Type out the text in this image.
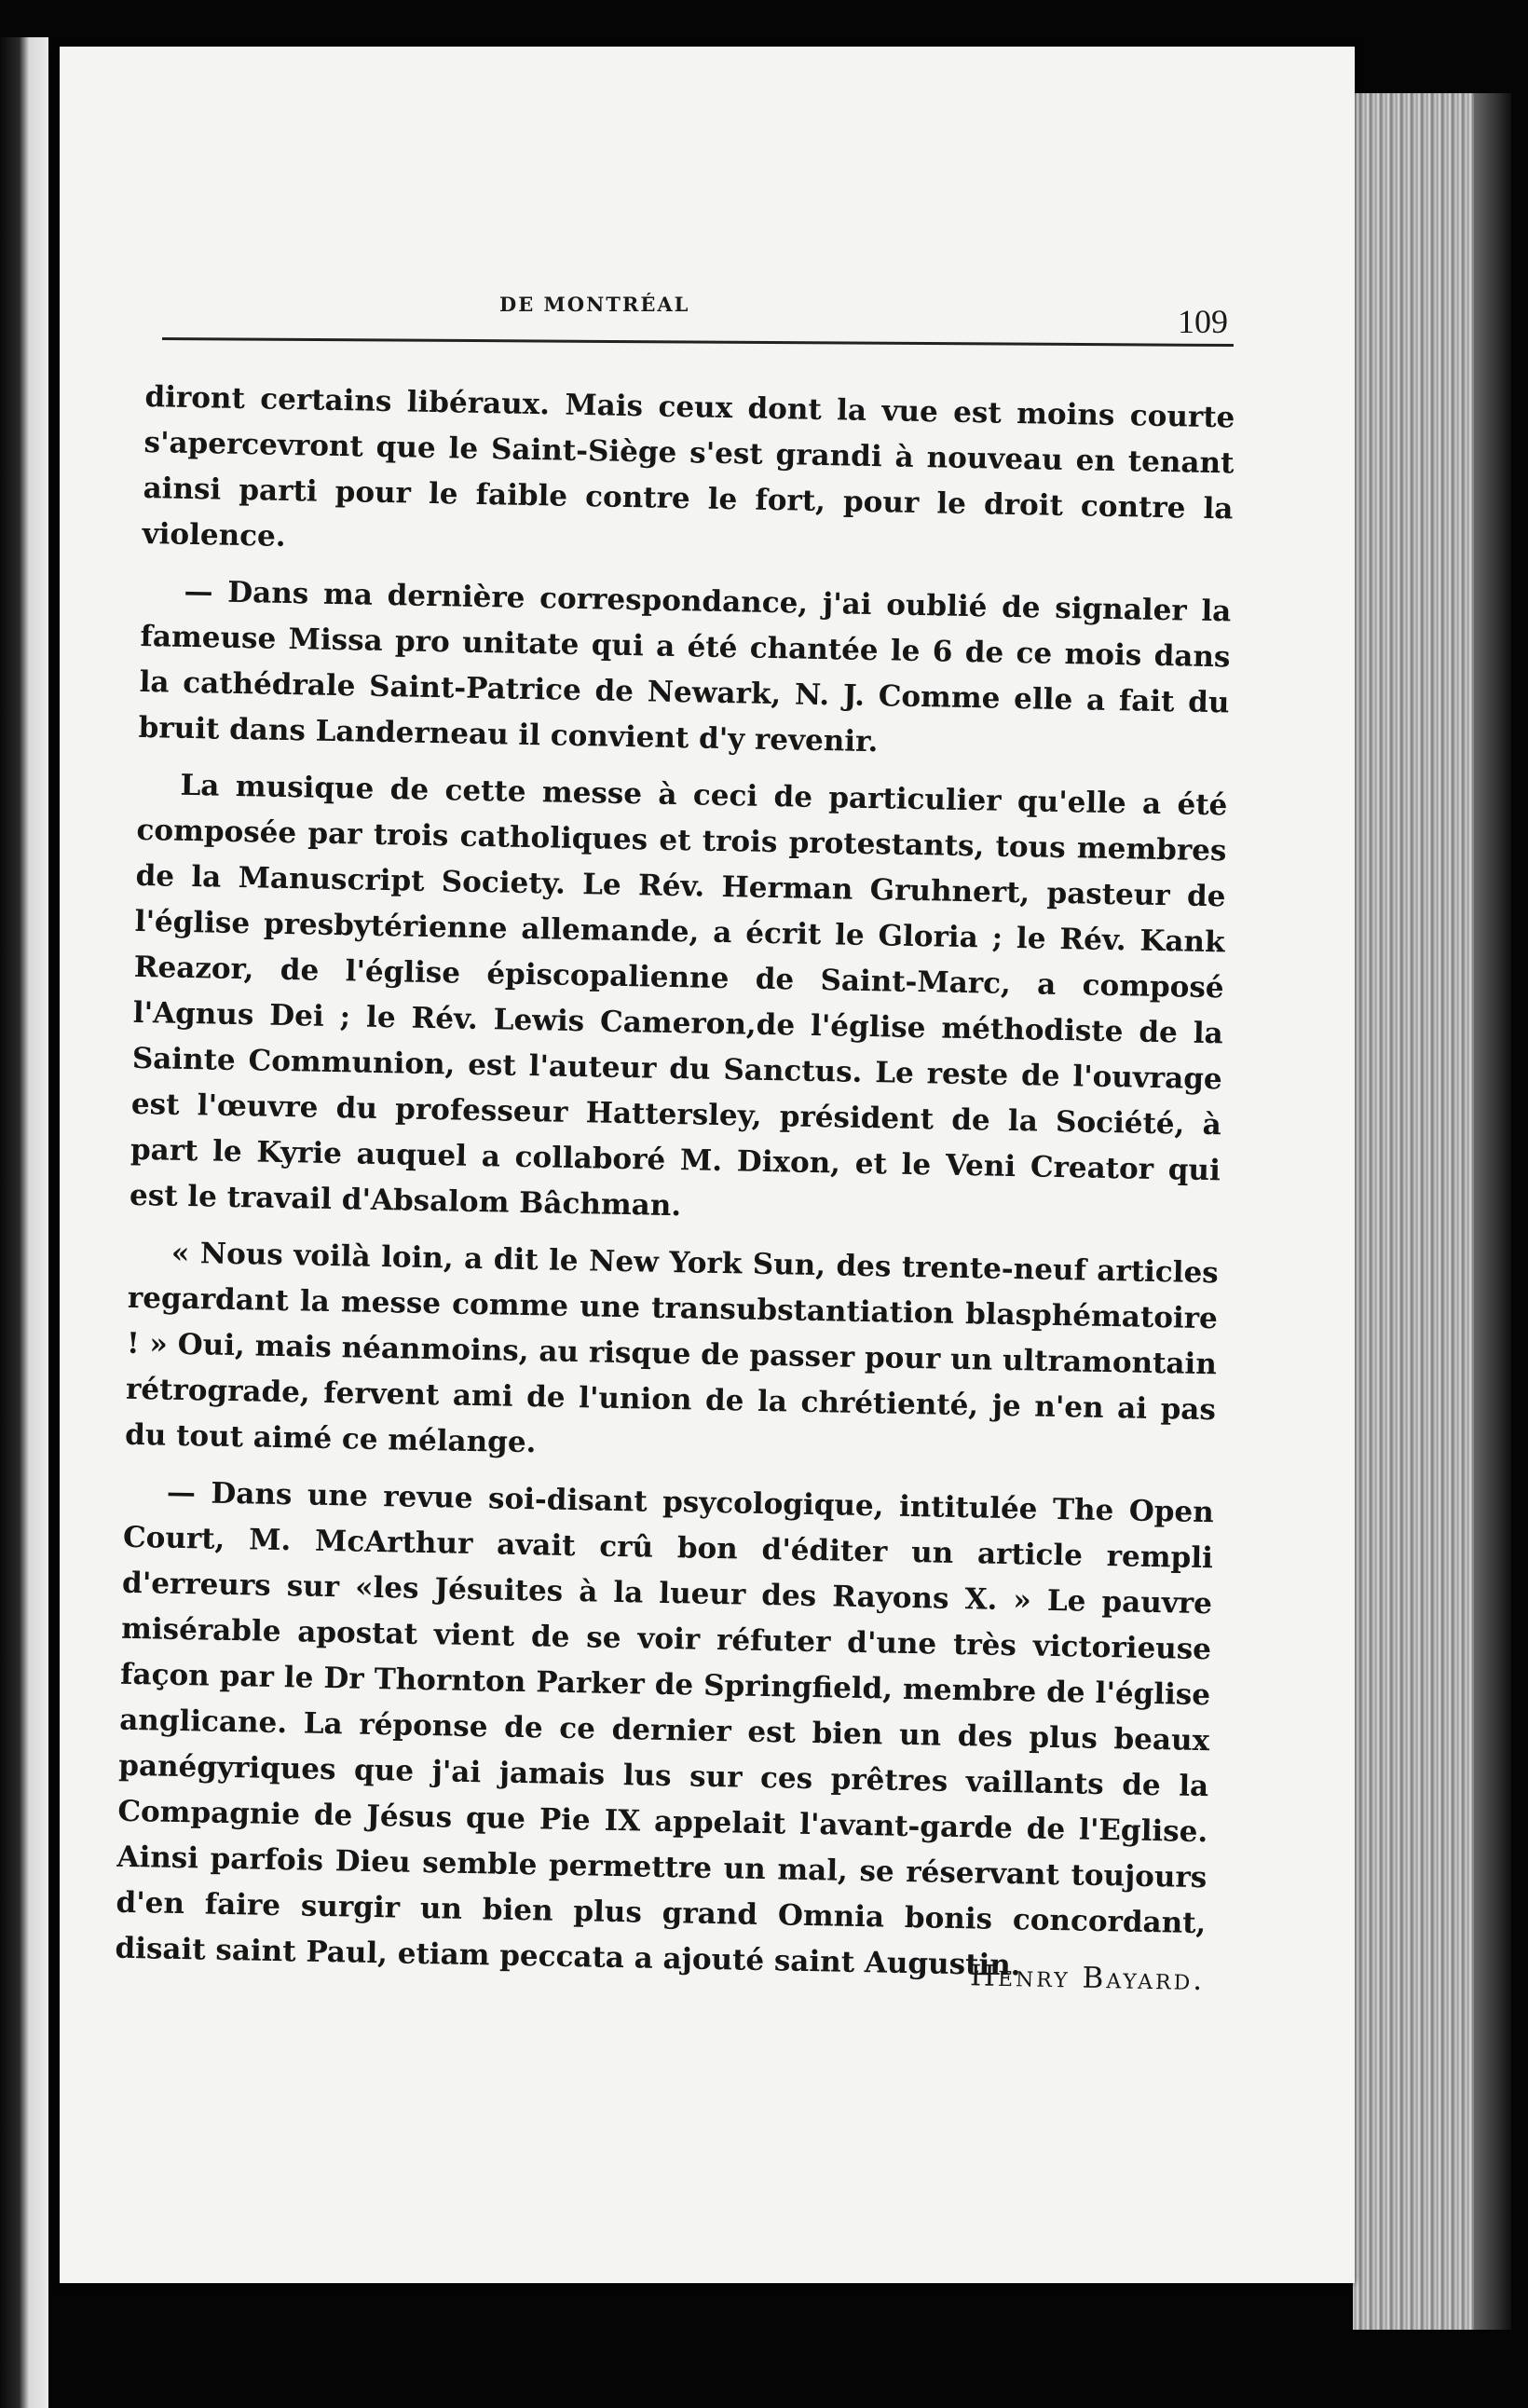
DE MONTRÉAL	109

diront certains libéraux. Mais ceux dont la vue est moins courte s'apercevront que le Saint-Siège s'est grandi à nouveau en tenant ainsi parti pour le faible contre le fort, pour le droit contre la violence.

— Dans ma dernière correspondance, j'ai oublié de signaler la fameuse Missa pro unitate qui a été chantée le 6 de ce mois dans la cathédrale Saint-Patrice de Newark, N. J. Comme elle a fait du bruit dans Landerneau il convient d'y revenir.

La musique de cette messe à ceci de particulier qu'elle a été composée par trois catholiques et trois protestants, tous membres de la Manuscript Society. Le Rév. Herman Gruhnert, pasteur de l'église presbytérienne allemande, a écrit le Gloria ; le Rév. Kank Reazor, de l'église épiscopalienne de Saint-Marc, a composé l'Agnus Dei ; le Rév. Lewis Cameron,de l'église méthodiste de la Sainte Communion, est l'auteur du Sanctus. Le reste de l'ouvrage est l'œuvre du professeur Hattersley, président de la Société, à part le Kyrie auquel a collaboré M. Dixon, et le Veni Creator qui est le travail d'Absalom Bâchman.

« Nous voilà loin, a dit le New York Sun, des trente-neuf articles regardant la messe comme une transubstantiation blasphématoire ! » Oui, mais néanmoins, au risque de passer pour un ultramontain rétrograde, fervent ami de l'union de la chrétienté, je n'en ai pas du tout aimé ce mélange.

— Dans une revue soi-disant psycologique, intitulée The Open Court, M. McArthur avait crû bon d'éditer un article rempli d'erreurs sur «les Jésuites à la lueur des Rayons X. » Le pauvre misérable apostat vient de se voir réfuter d'une très victorieuse façon par le Dr Thornton Parker de Springfield, membre de l'église anglicane. La réponse de ce dernier est bien un des plus beaux panégyriques que j'ai jamais lus sur ces prêtres vaillants de la Compagnie de Jésus que Pie IX appelait l'avant-garde de l'Eglise. Ainsi parfois Dieu semble permettre un mal, se réservant toujours d'en faire surgir un bien plus grand Omnia bonis concordant, disait saint Paul, etiam peccata a ajouté saint Augustin.

Henry Bayard.
